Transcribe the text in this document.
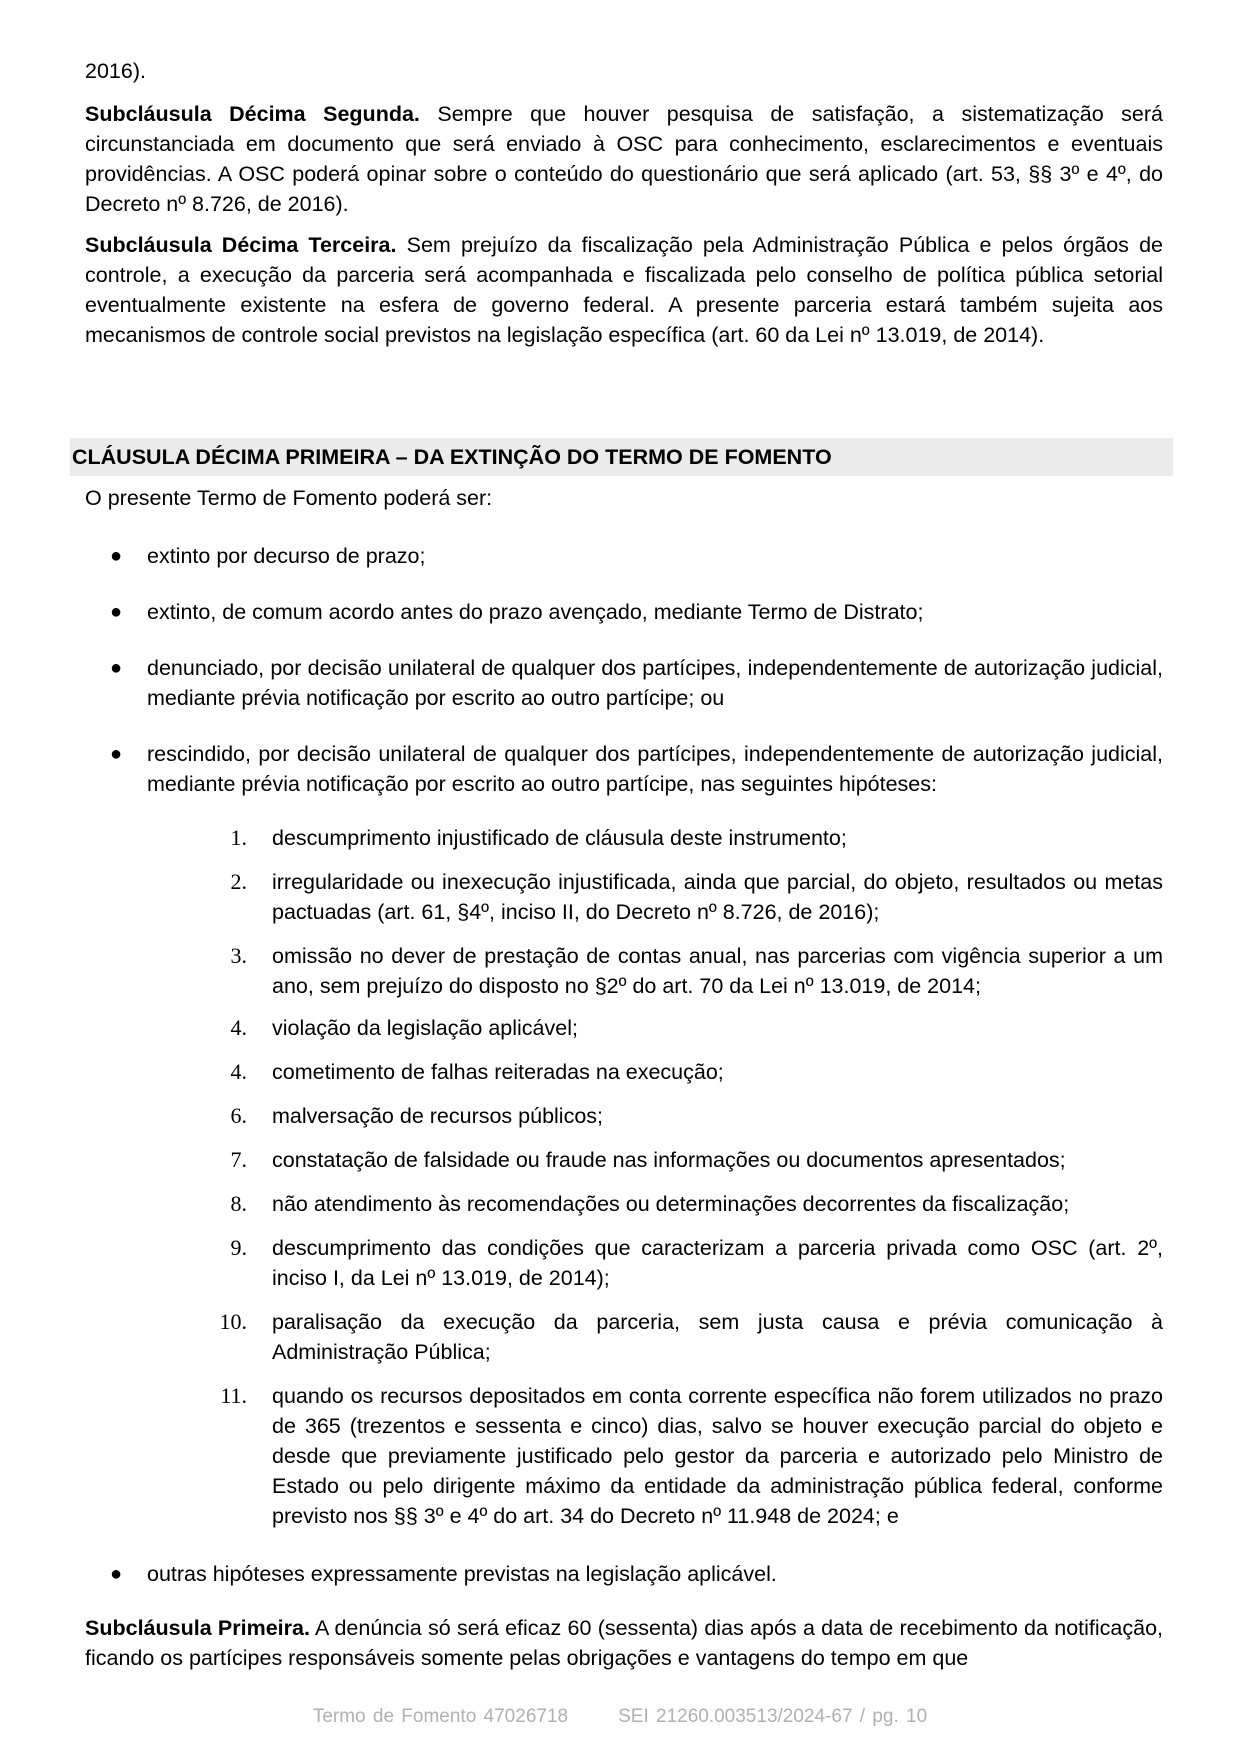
2016).
Subcláusula Décima Segunda. Sempre que houver pesquisa de satisfação, a sistematização será circunstanciada em documento que será enviado à OSC para conhecimento, esclarecimentos e eventuais providências. A OSC poderá opinar sobre o conteúdo do questionário que será aplicado (art. 53, §§ 3º e 4º, do Decreto nº 8.726, de 2016).
Subcláusula Décima Terceira. Sem prejuízo da fiscalização pela Administração Pública e pelos órgãos de controle, a execução da parceria será acompanhada e fiscalizada pelo conselho de política pública setorial eventualmente existente na esfera de governo federal. A presente parceria estará também sujeita aos mecanismos de controle social previstos na legislação específica (art. 60 da Lei nº 13.019, de 2014).
CLÁUSULA DÉCIMA PRIMEIRA – DA EXTINÇÃO DO TERMO DE FOMENTO
O presente Termo de Fomento poderá ser:
● extinto por decurso de prazo;
● extinto, de comum acordo antes do prazo avençado, mediante Termo de Distrato;
● denunciado, por decisão unilateral de qualquer dos partícipes, independentemente de autorização judicial, mediante prévia notificação por escrito ao outro partícipe; ou
● rescindido, por decisão unilateral de qualquer dos partícipes, independentemente de autorização judicial, mediante prévia notificação por escrito ao outro partícipe, nas seguintes hipóteses:
1. descumprimento injustificado de cláusula deste instrumento;
2. irregularidade ou inexecução injustificada, ainda que parcial, do objeto, resultados ou metas pactuadas (art. 61, §4º, inciso II, do Decreto nº 8.726, de 2016);
3. omissão no dever de prestação de contas anual, nas parcerias com vigência superior a um ano, sem prejuízo do disposto no §2º do art. 70 da Lei nº 13.019, de 2014;
4. violação da legislação aplicável;
4. cometimento de falhas reiteradas na execução;
6. malversação de recursos públicos;
7. constatação de falsidade ou fraude nas informações ou documentos apresentados;
8. não atendimento às recomendações ou determinações decorrentes da fiscalização;
9. descumprimento das condições que caracterizam a parceria privada como OSC (art. 2º, inciso I, da Lei nº 13.019, de 2014);
10. paralisação da execução da parceria, sem justa causa e prévia comunicação à Administração Pública;
11. quando os recursos depositados em conta corrente específica não forem utilizados no prazo de 365 (trezentos e sessenta e cinco) dias, salvo se houver execução parcial do objeto e desde que previamente justificado pelo gestor da parceria e autorizado pelo Ministro de Estado ou pelo dirigente máximo da entidade da administração pública federal, conforme previsto nos §§ 3º e 4º do art. 34 do Decreto nº 11.948 de 2024; e
● outras hipóteses expressamente previstas na legislação aplicável.
Subcláusula Primeira. A denúncia só será eficaz 60 (sessenta) dias após a data de recebimento da notificação, ficando os partícipes responsáveis somente pelas obrigações e vantagens do tempo em que
Termo de Fomento 47026718	SEI 21260.003513/2024-67 / pg. 10
